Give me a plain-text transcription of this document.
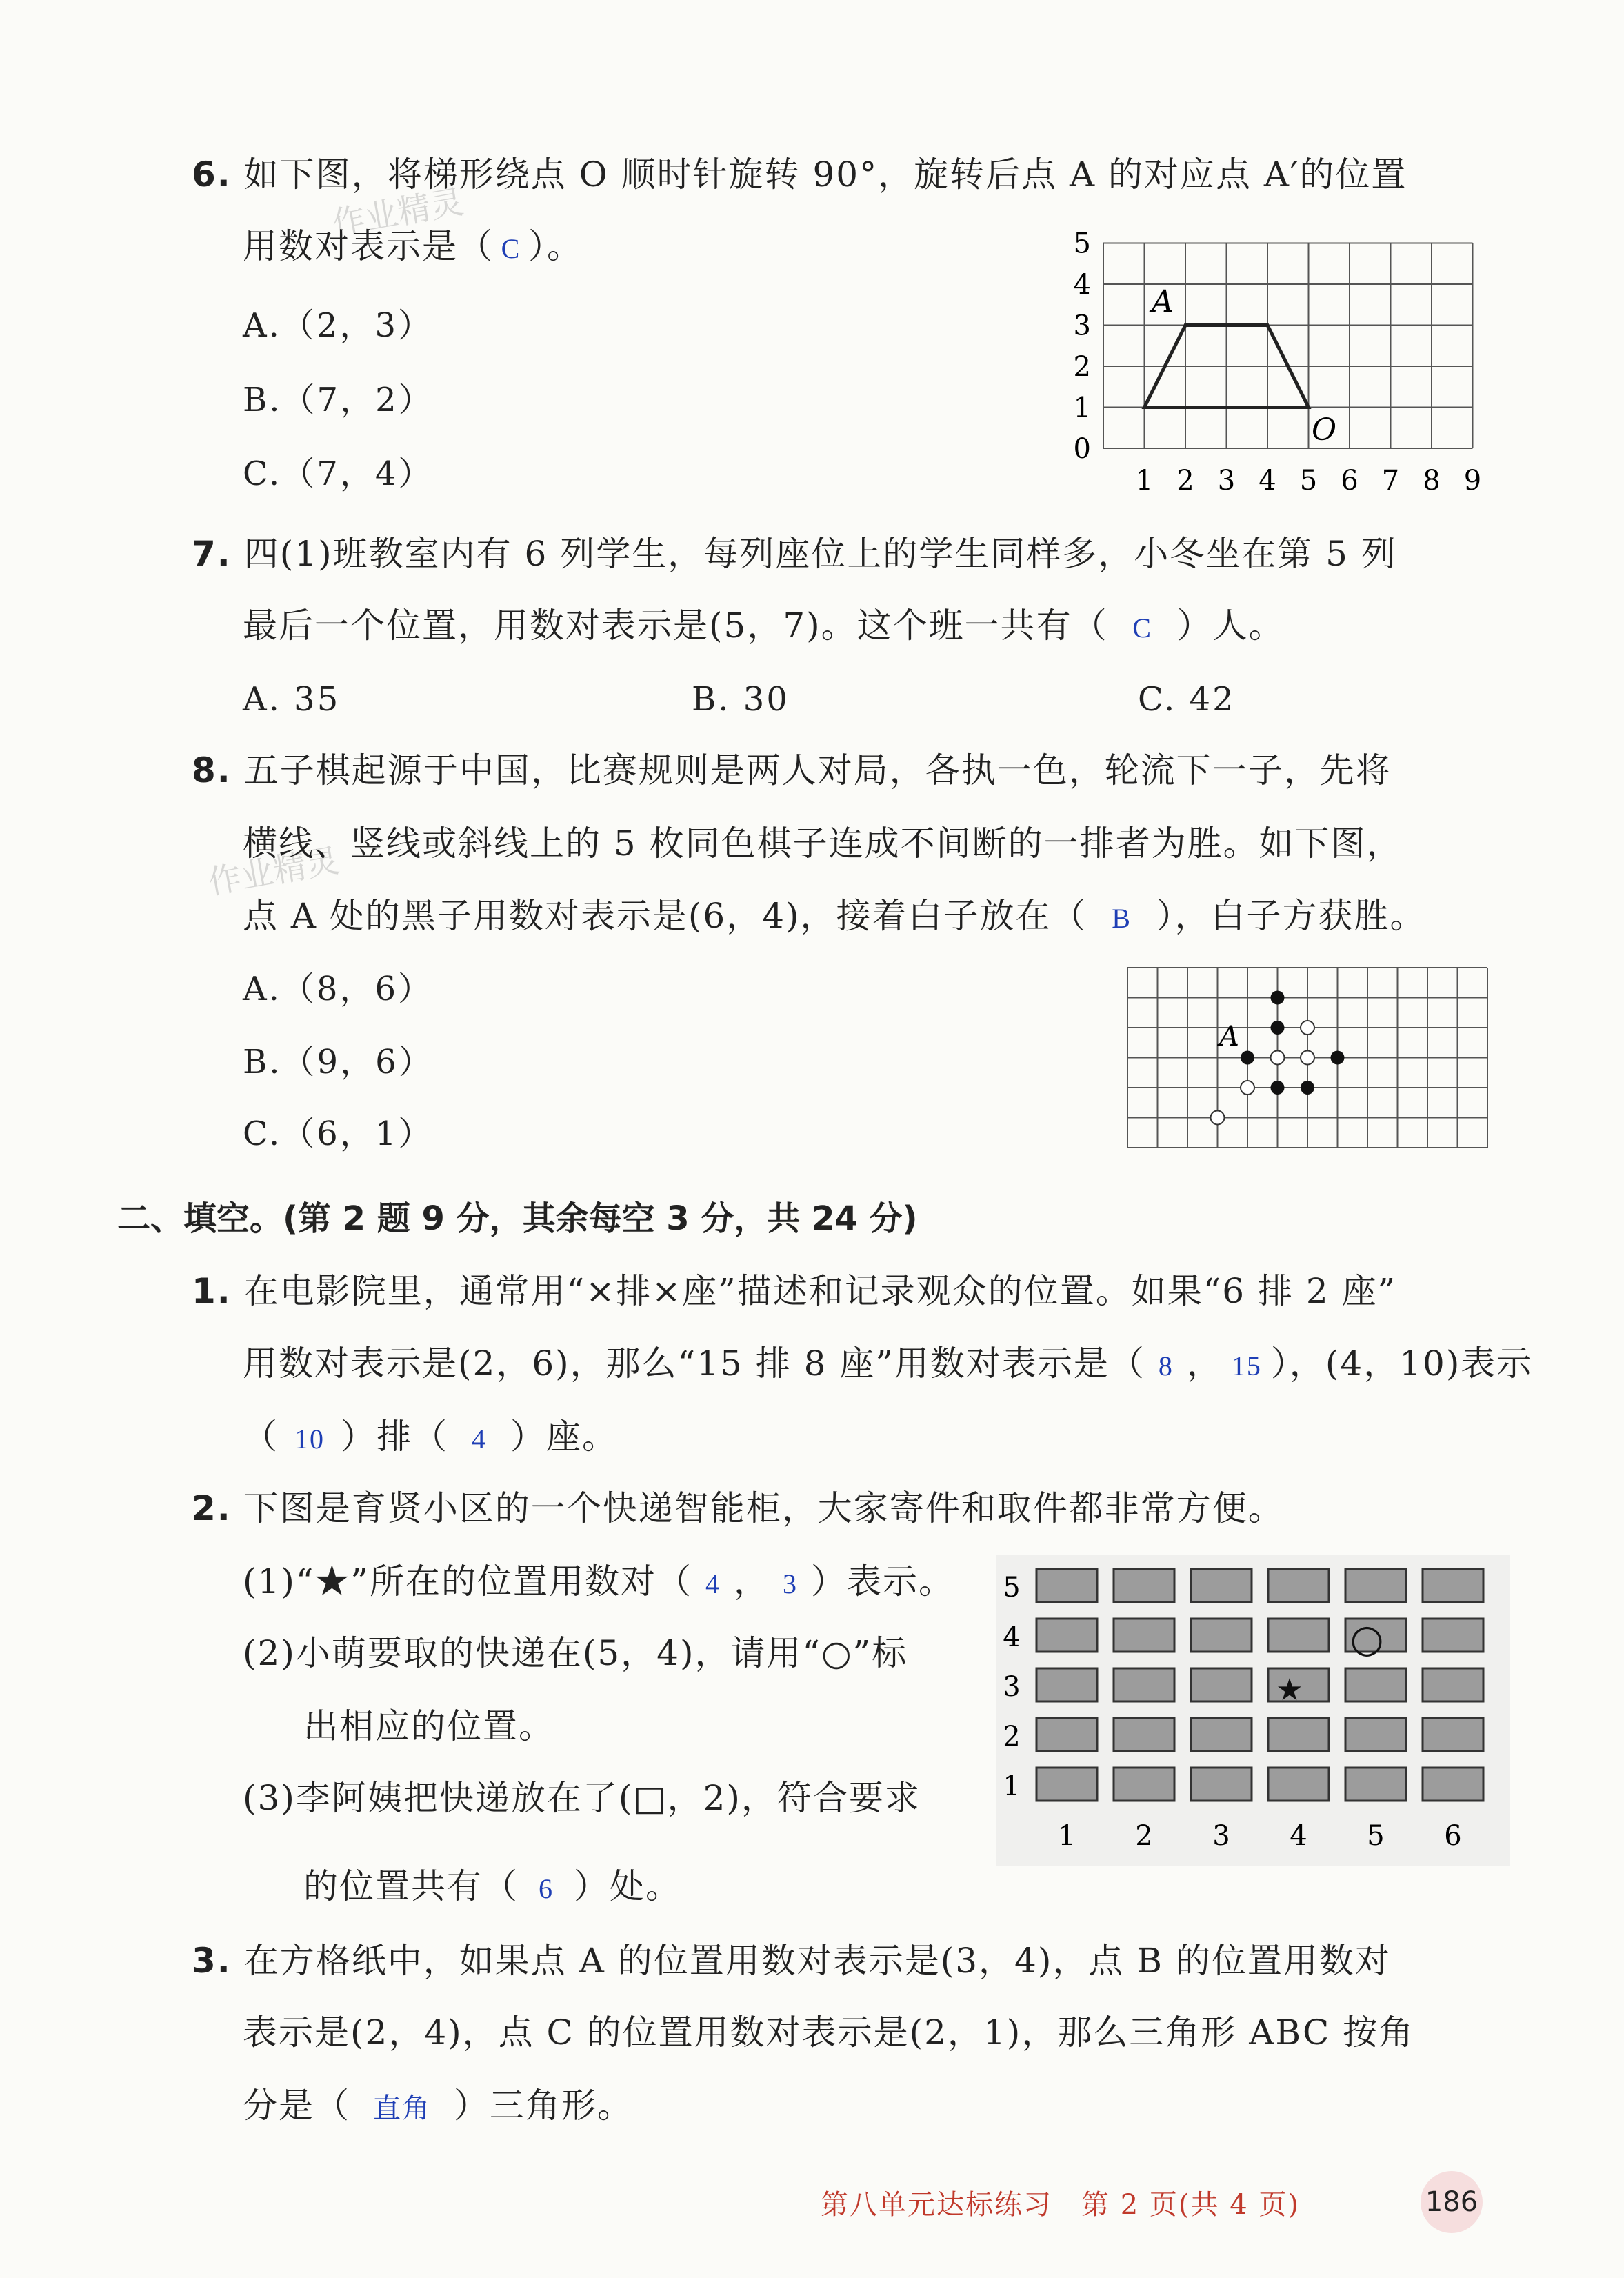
作业精灵
作业精灵
6. 如下图，将梯形绕点 O 顺时针旋转 90°，旋转后点 A 的对应点 A′的位置
用数对表示是（ C ）。
A.（2，3）
B.（7，2）
C.（7，4）
0
1
2
3
4
5
1 2 3 4 5 6 7 8 9
A
O
7. 四(1)班教室内有 6 列学生，每列座位上的学生同样多，小冬坐在第 5 列
最后一个位置，用数对表示是(5，7)。这个班一共有（ C ）人。
A. 35	B. 30	C. 42
8. 五子棋起源于中国，比赛规则是两人对局，各执一色，轮流下一子，先将
横线、竖线或斜线上的 5 枚同色棋子连成不间断的一排者为胜。如下图，
点 A 处的黑子用数对表示是(6，4)，接着白子放在（ B ），白子方获胜。
A.（8，6）
B.（9，6）
C.（6，1）
A
二、填空。(第 2 题 9 分，其余每空 3 分，共 24 分)
1. 在电影院里，通常用“×排×座”描述和记录观众的位置。如果“6 排 2 座”
用数对表示是(2，6)，那么“15 排 8 座”用数对表示是（ 8 ， 15 ），(4，10)表示
（ 10 ）排（ 4 ）座。
2. 下图是育贤小区的一个快递智能柜，大家寄件和取件都非常方便。
(1)“★”所在的位置用数对（ 4 ， 3 ）表示。
(2)小萌要取的快递在(5，4)，请用“○”标
出相应的位置。
(3)李阿姨把快递放在了(□，2)，符合要求
的位置共有（ 6 ）处。
1
2
3
4
5
1 2 3 4 5 6
★
○
3. 在方格纸中，如果点 A 的位置用数对表示是(3，4)，点 B 的位置用数对
表示是(2，4)，点 C 的位置用数对表示是(2，1)，那么三角形 ABC 按角
分是（ 直角 ）三角形。
第八单元达标练习　第 2 页(共 4 页)	186
